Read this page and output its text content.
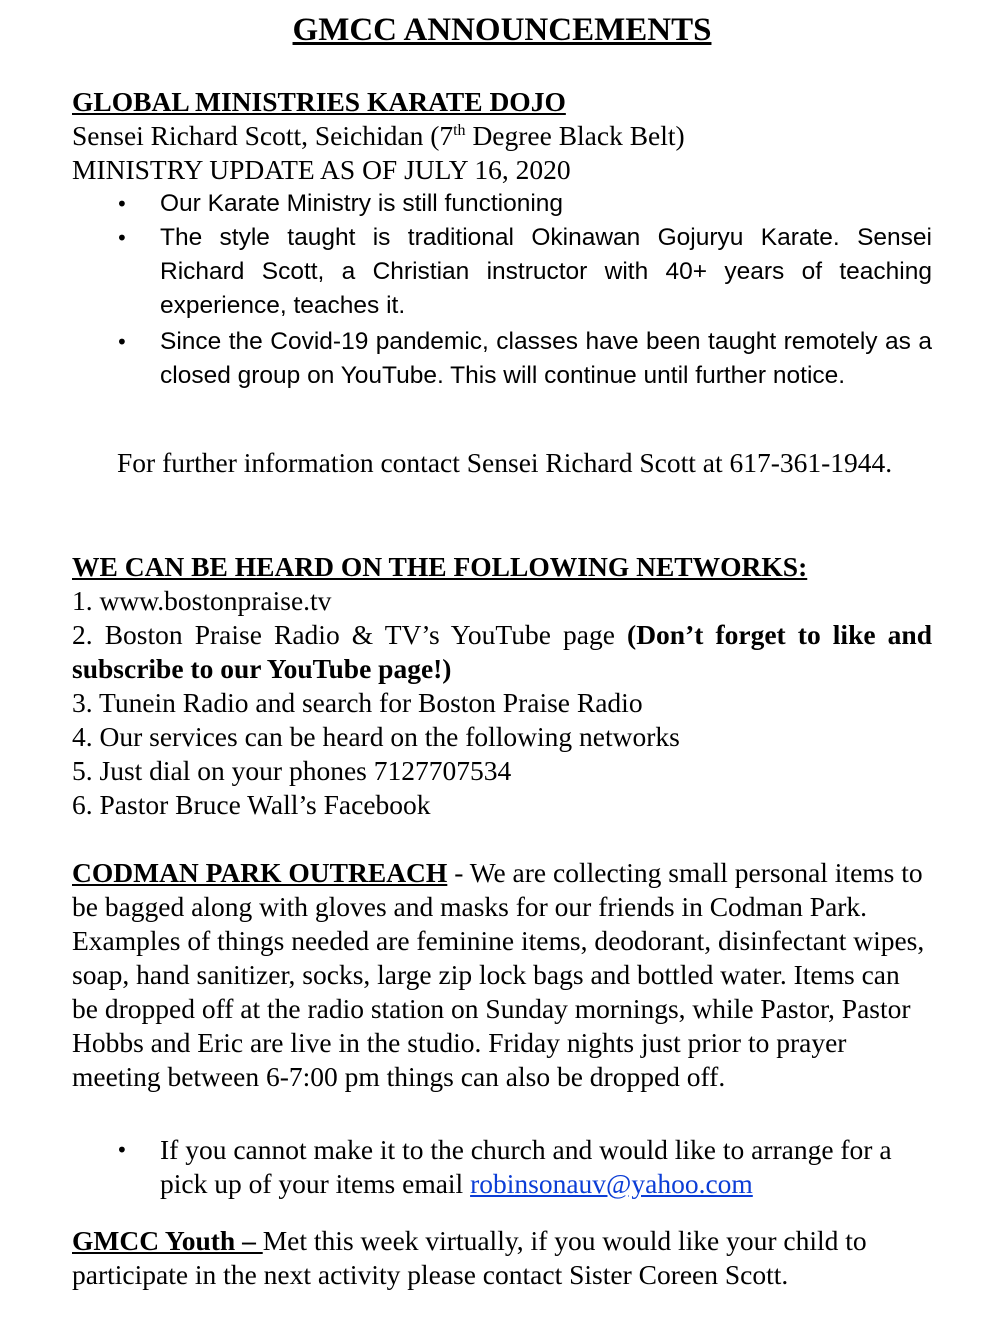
GMCC ANNOUNCEMENTS
GLOBAL MINISTRIES KARATE DOJO
Sensei Richard Scott, Seichidan (7th Degree Black Belt)
MINISTRY UPDATE AS OF JULY 16, 2020
• Our Karate Ministry is still functioning
• The style taught is traditional Okinawan Gojuryu Karate. Sensei Richard Scott, a Christian instructor with 40+ years of teaching experience, teaches it.
• Since the Covid-19 pandemic, classes have been taught remotely as a closed group on YouTube. This will continue until further notice.

For further information contact Sensei Richard Scott at 617-361-1944.

WE CAN BE HEARD ON THE FOLLOWING NETWORKS:
1. www.bostonpraise.tv
2. Boston Praise Radio & TV’s YouTube page (Don’t forget to like and subscribe to our YouTube page!)
3. Tunein Radio and search for Boston Praise Radio
4. Our services can be heard on the following networks
5. Just dial on your phones 7127707534
6. Pastor Bruce Wall’s Facebook

CODMAN PARK OUTREACH - We are collecting small personal items to be bagged along with gloves and masks for our friends in Codman Park. Examples of things needed are feminine items, deodorant, disinfectant wipes, soap, hand sanitizer, socks, large zip lock bags and bottled water. Items can be dropped off at the radio station on Sunday mornings, while Pastor, Pastor Hobbs and Eric are live in the studio. Friday nights just prior to prayer meeting between 6-7:00 pm things can also be dropped off.

• If you cannot make it to the church and would like to arrange for a pick up of your items email robinsonauv@yahoo.com

GMCC Youth – Met this week virtually, if you would like your child to participate in the next activity please contact Sister Coreen Scott.
